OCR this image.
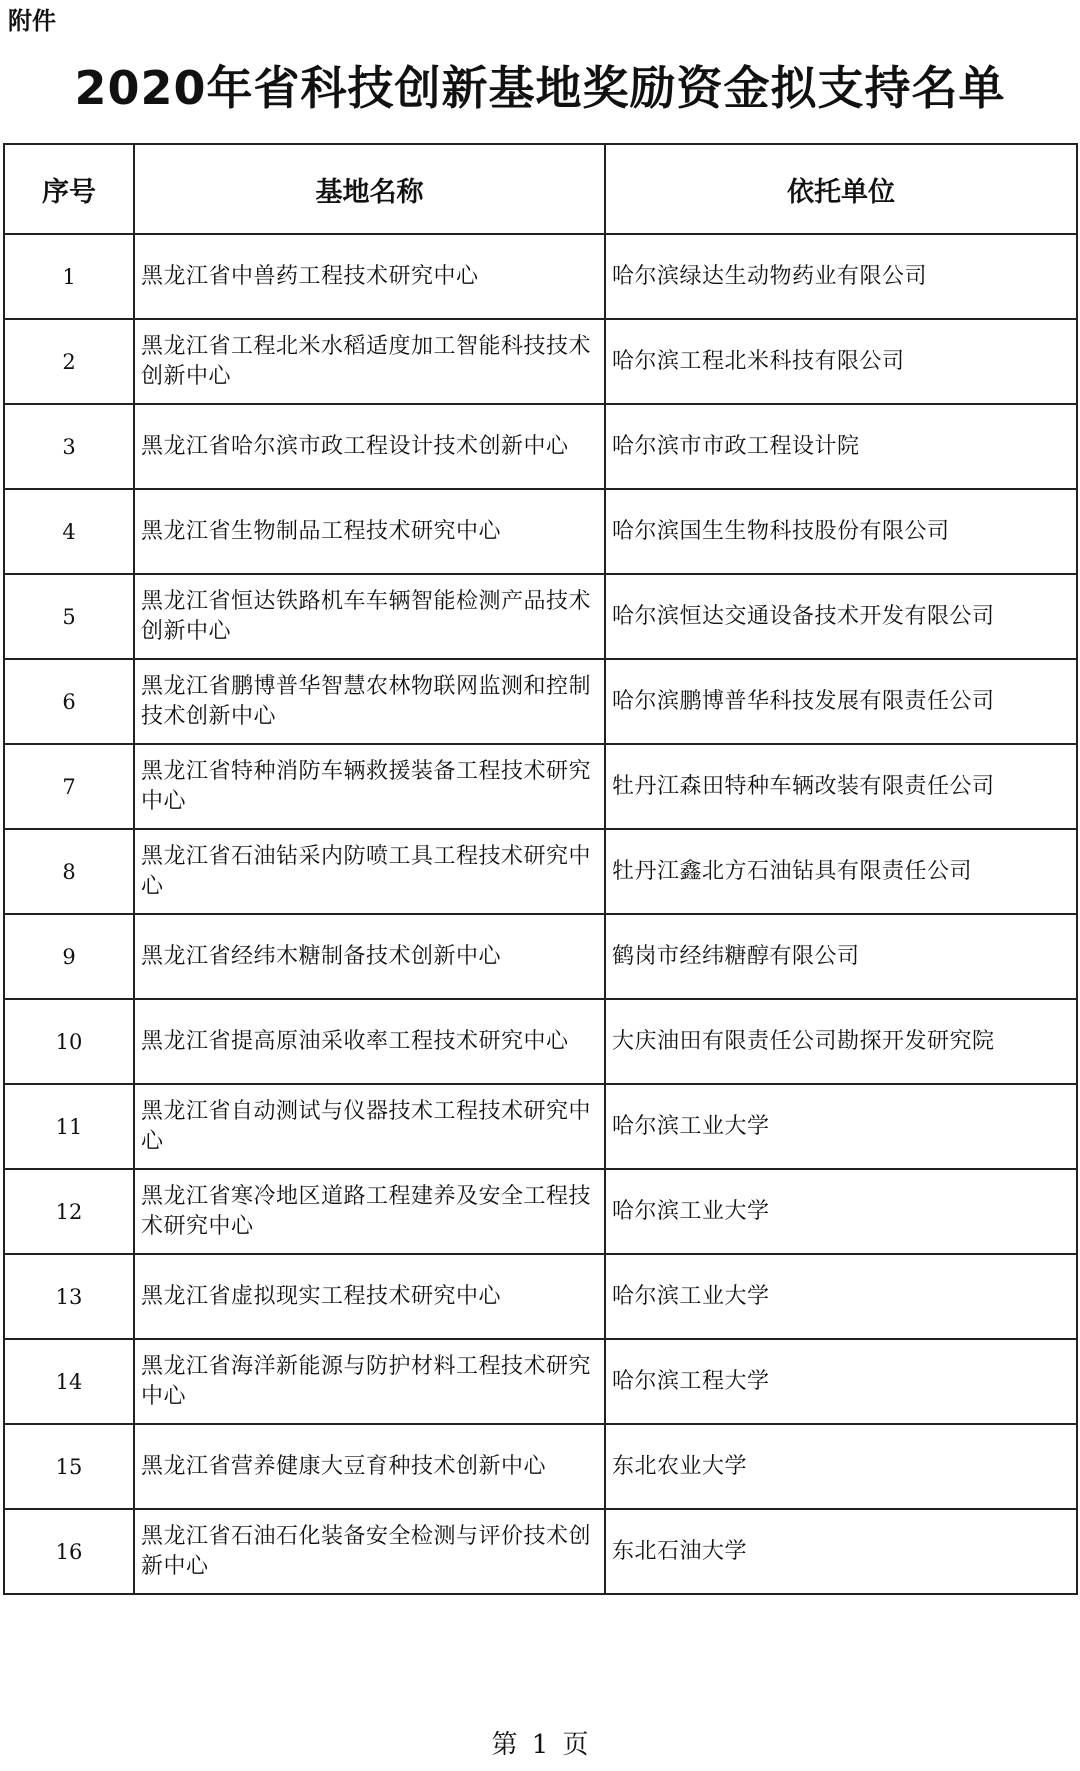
附件
2020年省科技创新基地奖励资金拟支持名单
序号	基地名称	依托单位
1	黑龙江省中兽药工程技术研究中心	哈尔滨绿达生动物药业有限公司
2	黑龙江省工程北米水稻适度加工智能科技技术创新中心	哈尔滨工程北米科技有限公司
3	黑龙江省哈尔滨市政工程设计技术创新中心	哈尔滨市市政工程设计院
4	黑龙江省生物制品工程技术研究中心	哈尔滨国生生物科技股份有限公司
5	黑龙江省恒达铁路机车车辆智能检测产品技术创新中心	哈尔滨恒达交通设备技术开发有限公司
6	黑龙江省鹏博普华智慧农林物联网监测和控制技术创新中心	哈尔滨鹏博普华科技发展有限责任公司
7	黑龙江省特种消防车辆救援装备工程技术研究中心	牡丹江森田特种车辆改装有限责任公司
8	黑龙江省石油钻采内防喷工具工程技术研究中心	牡丹江鑫北方石油钻具有限责任公司
9	黑龙江省经纬木糖制备技术创新中心	鹤岗市经纬糖醇有限公司
10	黑龙江省提高原油采收率工程技术研究中心	大庆油田有限责任公司勘探开发研究院
11	黑龙江省自动测试与仪器技术工程技术研究中心	哈尔滨工业大学
12	黑龙江省寒冷地区道路工程建养及安全工程技术研究中心	哈尔滨工业大学
13	黑龙江省虚拟现实工程技术研究中心	哈尔滨工业大学
14	黑龙江省海洋新能源与防护材料工程技术研究中心	哈尔滨工程大学
15	黑龙江省营养健康大豆育种技术创新中心	东北农业大学
16	黑龙江省石油石化装备安全检测与评价技术创新中心	东北石油大学
第 1 页
